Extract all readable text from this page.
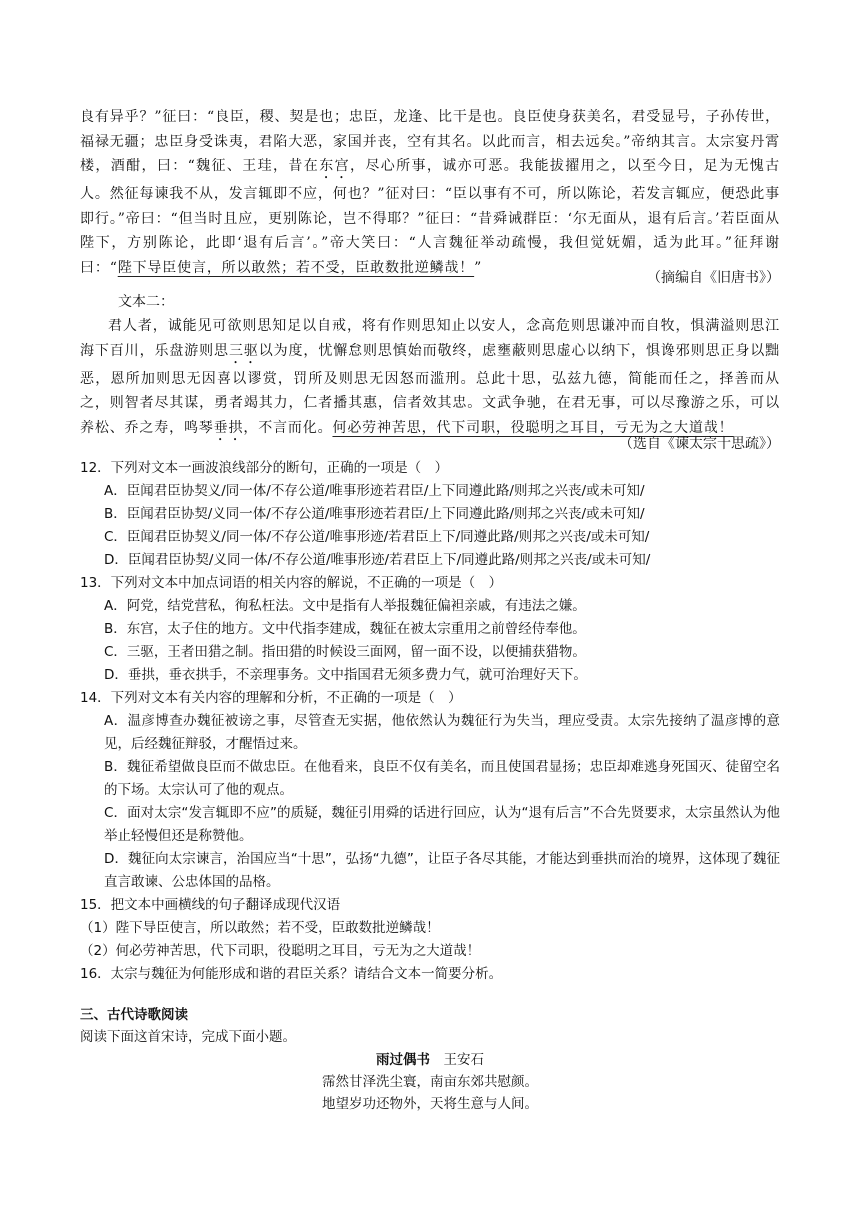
良有异乎？”征曰：“良臣，稷、契是也；忠臣，龙逢、比干是也。良臣使身获美名，君受显号，子孙传世，福禄无疆；忠臣身受诛夷，君陷大恶，家国并丧，空有其名。以此而言，相去远矣。”帝纳其言。太宗宴丹霄楼，酒酣，曰：“魏征、王珪，昔在东宫，尽心所事，诚亦可恶。我能拔擢用之，以至今日，足为无愧古人。然征每谏我不从，发言辄即不应，何也？”征对曰：“臣以事有不可，所以陈论，若发言辄应，便恐此事即行。”帝曰：“但当时且应，更别陈论，岂不得耶？”征曰：“昔舜诫群臣：‘尔无面从，退有后言。’若臣面从陛下，方别陈论，此即‘退有后言’。”帝大笑曰：“人言魏征举动疏慢，我但觉妩媚，适为此耳。”征拜谢曰：“陛下导臣使言，所以敢然；若不受，臣敢数批逆鳞哉！”

（摘编自《旧唐书》）

文本二：

君人者，诚能见可欲则思知足以自戒，将有作则思知止以安人，念高危则思谦冲而自牧，惧满溢则思江海下百川，乐盘游则思三驱以为度，忧懈怠则思慎始而敬终，虑壅蔽则思虚心以纳下，惧谗邪则思正身以黜恶，恩所加则思无因喜以谬赏，罚所及则思无因怒而滥刑。总此十思，弘兹九德，简能而任之，择善而从之，则智者尽其谋，勇者竭其力，仁者播其惠，信者效其忠。文武争驰，在君无事，可以尽豫游之乐，可以养松、乔之寿，鸣琴垂拱，不言而化。何必劳神苦思，代下司职，役聪明之耳目，亏无为之大道哉！

（选自《谏太宗十思疏》）

12．下列对文本一画波浪线部分的断句，正确的一项是（　）

A．臣闻君臣协契义/同一体/不存公道/唯事形迹若君臣/上下同遵此路/则邦之兴丧/或未可知/

B．臣闻君臣协契/义同一体/不存公道/唯事形迹若君臣/上下同遵此路/则邦之兴丧/或未可知/

C．臣闻君臣协契义/同一体/不存公道/唯事形迹/若君臣上下/同遵此路/则邦之兴丧/或未可知/

D．臣闻君臣协契/义同一体/不存公道/唯事形迹/若君臣上下/同遵此路/则邦之兴丧/或未可知/

13．下列对文本中加点词语的相关内容的解说，不正确的一项是（　）

A．阿党，结党营私，徇私枉法。文中是指有人举报魏征偏袒亲戚，有违法之嫌。

B．东宫，太子住的地方。文中代指李建成，魏征在被太宗重用之前曾经侍奉他。

C．三驱，王者田猎之制。指田猎的时候设三面网，留一面不设，以便捕获猎物。

D．垂拱，垂衣拱手，不亲理事务。文中指国君无须多费力气，就可治理好天下。

14．下列对文本有关内容的理解和分析，不正确的一项是（　）

A．温彦博查办魏征被谤之事，尽管查无实据，他依然认为魏征行为失当，理应受责。太宗先接纳了温彦博的意见，后经魏征辩驳，才醒悟过来。

B．魏征希望做良臣而不做忠臣。在他看来，良臣不仅有美名，而且使国君显扬；忠臣却难逃身死国灭、徒留空名的下场。太宗认可了他的观点。

C．面对太宗“发言辄即不应”的质疑，魏征引用舜的话进行回应，认为“退有后言”不合先贤要求，太宗虽然认为他举止轻慢但还是称赞他。

D．魏征向太宗谏言，治国应当“十思”，弘扬“九德”，让臣子各尽其能，才能达到垂拱而治的境界，这体现了魏征直言敢谏、公忠体国的品格。

15．把文本中画横线的句子翻译成现代汉语

（1）陛下导臣使言，所以敢然；若不受，臣敢数批逆鳞哉！

（2）何必劳神苦思，代下司职，役聪明之耳目，亏无为之大道哉！

16．太宗与魏征为何能形成和谐的君臣关系？请结合文本一简要分析。

三、古代诗歌阅读

阅读下面这首宋诗，完成下面小题。

雨过偶书  王安石

霈然甘泽洗尘寰，南亩东郊共慰颜。

地望岁功还物外，天将生意与人间。
